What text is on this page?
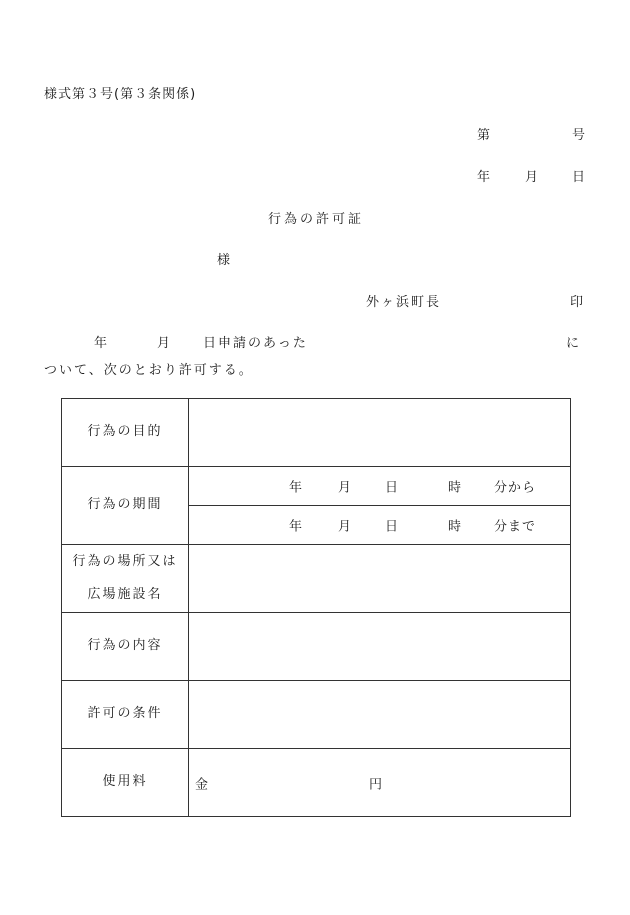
様式第３号(第３条関係)
第	号
年	月 日
行為の許可証
様
外ヶ浜町長	印
年	月 日申請のあった	に
ついて、次のとおり許可する。
行為の目的	
行為の期間	年 月 日 時 分から

	年 月 日 時 分まで

行為の場所又は
広場施設名	

行為の内容	
許可の条件	
使用料	金 円
